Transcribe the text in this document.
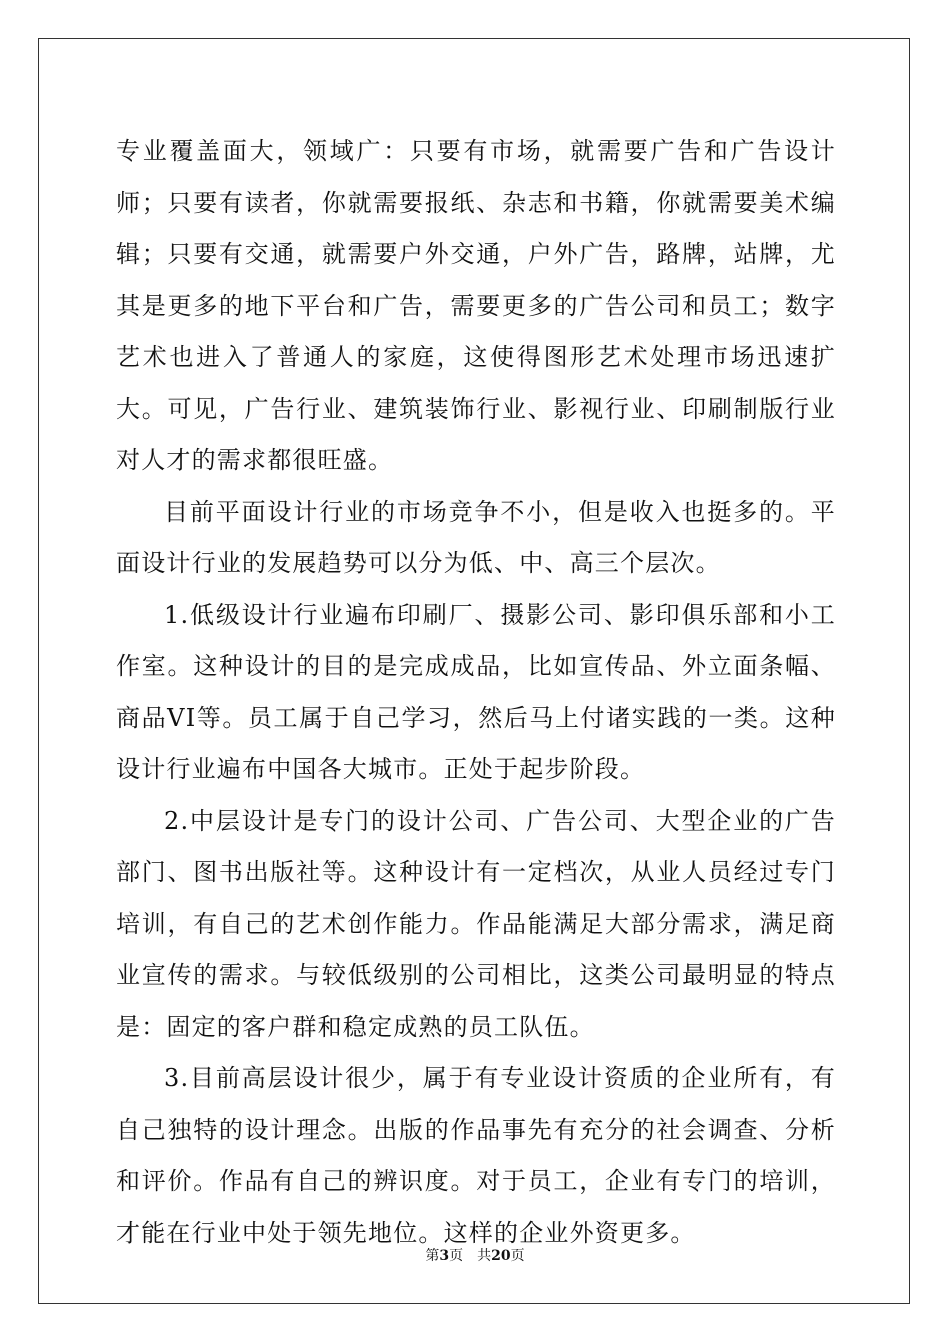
专业覆盖面大，领域广：只要有市场，就需要广告和广告设计师；只要有读者，你就需要报纸、杂志和书籍，你就需要美术编辑；只要有交通，就需要户外交通，户外广告，路牌，站牌，尤其是更多的地下平台和广告，需要更多的广告公司和员工；数字艺术也进入了普通人的家庭，这使得图形艺术处理市场迅速扩大。可见，广告行业、建筑装饰行业、影视行业、印刷制版行业对人才的需求都很旺盛。

目前平面设计行业的市场竞争不小，但是收入也挺多的。平面设计行业的发展趋势可以分为低、中、高三个层次。

1.低级设计行业遍布印刷厂、摄影公司、影印俱乐部和小工作室。这种设计的目的是完成成品，比如宣传品、外立面条幅、商品VI等。员工属于自己学习，然后马上付诸实践的一类。这种设计行业遍布中国各大城市。正处于起步阶段。

2.中层设计是专门的设计公司、广告公司、大型企业的广告部门、图书出版社等。这种设计有一定档次，从业人员经过专门培训，有自己的艺术创作能力。作品能满足大部分需求，满足商业宣传的需求。与较低级别的公司相比，这类公司最明显的特点是：固定的客户群和稳定成熟的员工队伍。

3.目前高层设计很少，属于有专业设计资质的企业所有，有自己独特的设计理念。出版的作品事先有充分的社会调查、分析和评价。作品有自己的辨识度。对于员工，企业有专门的培训，才能在行业中处于领先地位。这样的企业外资更多。

第3页 共20页
